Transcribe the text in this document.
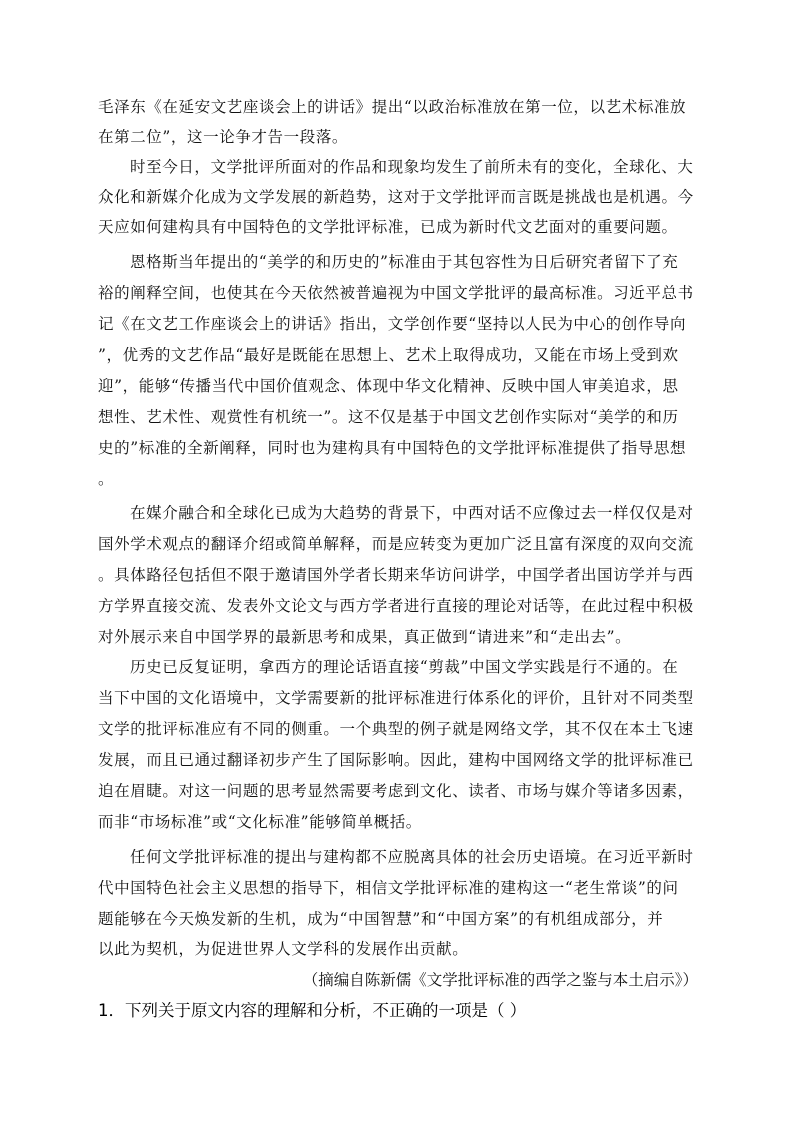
毛泽东《在延安文艺座谈会上的讲话》提出“以政治标准放在第一位，以艺术标准放
在第二位”，这一论争才告一段落。
时至今日，文学批评所面对的作品和现象均发生了前所未有的变化，全球化、大
众化和新媒介化成为文学发展的新趋势，这对于文学批评而言既是挑战也是机遇。今
天应如何建构具有中国特色的文学批评标准，已成为新时代文艺面对的重要问题。
恩格斯当年提出的“美学的和历史的”标准由于其包容性为日后研究者留下了充
裕的阐释空间，也使其在今天依然被普遍视为中国文学批评的最高标准。习近平总书
记《在文艺工作座谈会上的讲话》指出，文学创作要“坚持以人民为中心的创作导向
”，优秀的文艺作品“最好是既能在思想上、艺术上取得成功，又能在市场上受到欢
迎”，能够“传播当代中国价值观念、体现中华文化精神、反映中国人审美追求，思
想性、艺术性、观赏性有机统一”。这不仅是基于中国文艺创作实际对“美学的和历
史的”标准的全新阐释，同时也为建构具有中国特色的文学批评标准提供了指导思想
。
在媒介融合和全球化已成为大趋势的背景下，中西对话不应像过去一样仅仅是对
国外学术观点的翻译介绍或简单解释，而是应转变为更加广泛且富有深度的双向交流
。具体路径包括但不限于邀请国外学者长期来华访问讲学，中国学者出国访学并与西
方学界直接交流、发表外文论文与西方学者进行直接的理论对话等，在此过程中积极
对外展示来自中国学界的最新思考和成果，真正做到“请进来”和“走出去”。
历史已反复证明，拿西方的理论话语直接“剪裁”中国文学实践是行不通的。在
当下中国的文化语境中，文学需要新的批评标准进行体系化的评价，且针对不同类型
文学的批评标准应有不同的侧重。一个典型的例子就是网络文学，其不仅在本土飞速
发展，而且已通过翻译初步产生了国际影响。因此，建构中国网络文学的批评标准已
迫在眉睫。对这一问题的思考显然需要考虑到文化、读者、市场与媒介等诸多因素，
而非“市场标准”或“文化标准”能够简单概括。
任何文学批评标准的提出与建构都不应脱离具体的社会历史语境。在习近平新时
代中国特色社会主义思想的指导下，相信文学批评标准的建构这一“老生常谈”的问
题能够在今天焕发新的生机，成为“中国智慧”和“中国方案”的有机组成部分，并
以此为契机，为促进世界人文学科的发展作出贡献。
（摘编自陈新儒《文学批评标准的西学之鉴与本土启示》）
1．下列关于原文内容的理解和分析，不正确的一项是（ ）
